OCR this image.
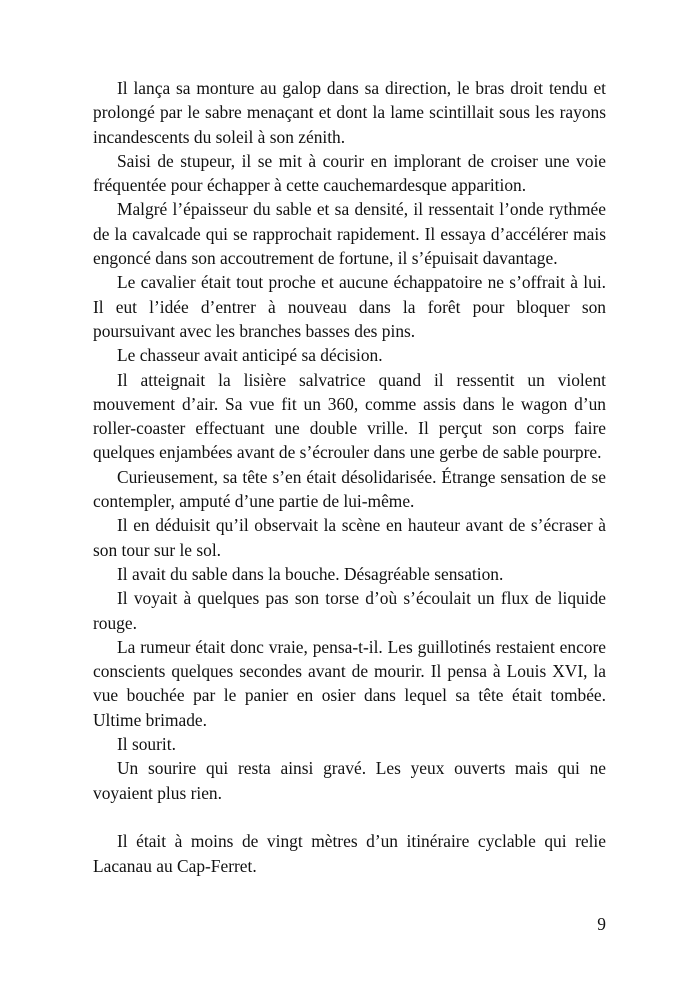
Il lança sa monture au galop dans sa direction, le bras droit tendu et prolongé par le sabre menaçant et dont la lame scintillait sous les rayons incandescents du soleil à son zénith.

Saisi de stupeur, il se mit à courir en implorant de croiser une voie fréquentée pour échapper à cette cauchemardesque apparition.

Malgré l’épaisseur du sable et sa densité, il ressentait l’onde rythmée de la cavalcade qui se rapprochait rapidement. Il essaya d’accélérer mais engoncé dans son accoutrement de fortune, il s’épuisait davantage.

Le cavalier était tout proche et aucune échappatoire ne s’offrait à lui. Il eut l’idée d’entrer à nouveau dans la forêt pour bloquer son poursuivant avec les branches basses des pins.

Le chasseur avait anticipé sa décision.

Il atteignait la lisière salvatrice quand il ressentit un violent mouvement d’air. Sa vue fit un 360, comme assis dans le wagon d’un roller-coaster effectuant une double vrille. Il perçut son corps faire quelques enjambées avant de s’écrouler dans une gerbe de sable pourpre.

Curieusement, sa tête s’en était désolidarisée. Étrange sensation de se contempler, amputé d’une partie de lui-même.

Il en déduisit qu’il observait la scène en hauteur avant de s’écraser à son tour sur le sol.

Il avait du sable dans la bouche. Désagréable sensation.

Il voyait à quelques pas son torse d’où s’écoulait un flux de liquide rouge.

La rumeur était donc vraie, pensa-t-il. Les guillotinés restaient encore conscients quelques secondes avant de mourir. Il pensa à Louis XVI, la vue bouchée par le panier en osier dans lequel sa tête était tombée. Ultime brimade.

Il sourit.

Un sourire qui resta ainsi gravé. Les yeux ouverts mais qui ne voyaient plus rien.

Il était à moins de vingt mètres d’un itinéraire cyclable qui relie Lacanau au Cap-Ferret.

9
